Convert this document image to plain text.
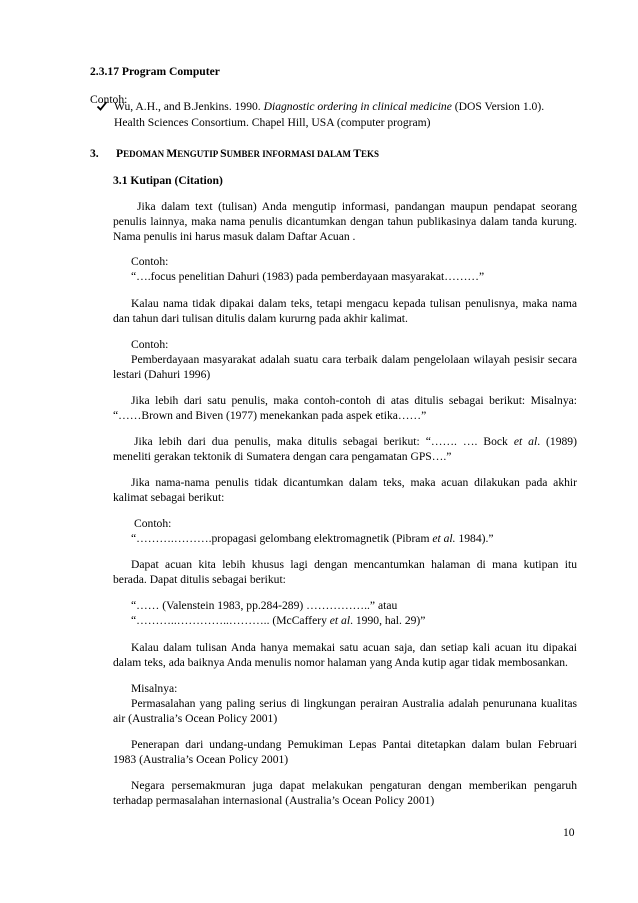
2.3.17 Program Computer

Contoh:

Wu, A.H., and B.Jenkins. 1990. Diagnostic ordering in clinical medicine (DOS Version 1.0).

Health Sciences Consortium. Chapel Hill, USA (computer program)

3. PEDOMAN MENGUTIP SUMBER INFORMASI DALAM TEKS

3.1 Kutipan (Citation)

Jika dalam text (tulisan) Anda mengutip informasi, pandangan maupun pendapat seorang

penulis lainnya, maka nama penulis dicantumkan dengan tahun publikasinya dalam tanda kurung.

Nama penulis ini harus masuk dalam Daftar Acuan .

Contoh:

“….focus penelitian Dahuri (1983) pada pemberdayaan masyarakat………”

Kalau nama tidak dipakai dalam teks, tetapi mengacu kepada tulisan penulisnya, maka nama

dan tahun dari tulisan ditulis dalam kururng pada akhir kalimat.

Contoh:

Pemberdayaan masyarakat adalah suatu cara terbaik dalam pengelolaan wilayah pesisir secara

lestari (Dahuri 1996)

Jika lebih dari satu penulis, maka contoh-contoh di atas ditulis sebagai berikut: Misalnya:

“……Brown and Biven (1977) menekankan pada aspek etika……”

Jika lebih dari dua penulis, maka ditulis sebagai berikut: “……. …. Bock et al. (1989)

meneliti gerakan tektonik di Sumatera dengan cara pengamatan GPS….”

Jika nama-nama penulis tidak dicantumkan dalam teks, maka acuan dilakukan pada akhir

kalimat sebagai berikut:

Contoh:

“……….……….propagasi gelombang elektromagnetik (Pibram et al. 1984).”

Dapat acuan kita lebih khusus lagi dengan mencantumkan halaman di mana kutipan itu

berada. Dapat ditulis sebagai berikut:

“…… (Valenstein 1983, pp.284-289) ……………..” atau

“………..…………..……….. (McCaffery et al. 1990, hal. 29)”

Kalau dalam tulisan Anda hanya memakai satu acuan saja, dan setiap kali acuan itu dipakai

dalam teks, ada baiknya Anda menulis nomor halaman yang Anda kutip agar tidak membosankan.

Misalnya:

Permasalahan yang paling serius di lingkungan perairan Australia adalah penurunana kualitas

air (Australia’s Ocean Policy 2001)

Penerapan dari undang-undang Pemukiman Lepas Pantai ditetapkan dalam bulan Februari

1983 (Australia’s Ocean Policy 2001)

Negara persemakmuran juga dapat melakukan pengaturan dengan memberikan pengaruh

terhadap permasalahan internasional (Australia’s Ocean Policy 2001)

10
